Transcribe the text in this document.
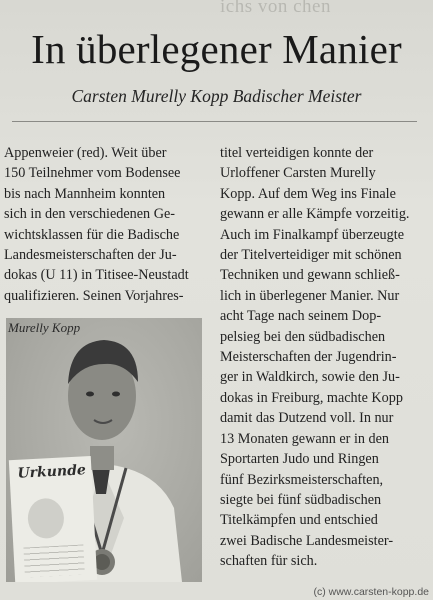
ichs von chen
In überlegener Manier

Carsten Murelly Kopp Badischer Meister

Appenweier (red). Weit über
150 Teilnehmer vom Bodensee
bis nach Mannheim konnten
sich in den verschiedenen Ge-
wichtsklassen für die Badische
Landesmeisterschaften der Ju-
dokas (U 11) in Titisee-Neustadt
qualifizieren. Seinen Vorjahres-
Urkunde
Murelly Kopp
titel verteidigen konnte der
Urloffener Carsten Murelly
Kopp. Auf dem Weg ins Finale
gewann er alle Kämpfe vorzeitig.
Auch im Finalkampf überzeugte
der Titelverteidiger mit schönen
Techniken und gewann schließ-
lich in überlegener Manier. Nur
acht Tage nach seinem Dop-
pelsieg bei den südbadischen
Meisterschaften der Jugendrin-
ger in Waldkirch, sowie den Ju-
dokas in Freiburg, machte Kopp
damit das Dutzend voll. In nur
13 Monaten gewann er in den
Sportarten Judo und Ringen
fünf Bezirksmeisterschaften,
siegte bei fünf südbadischen
Titelkämpfen und entschied
zwei Badische Landesmeister-
schaften für sich.
(c) www.carsten-kopp.de
